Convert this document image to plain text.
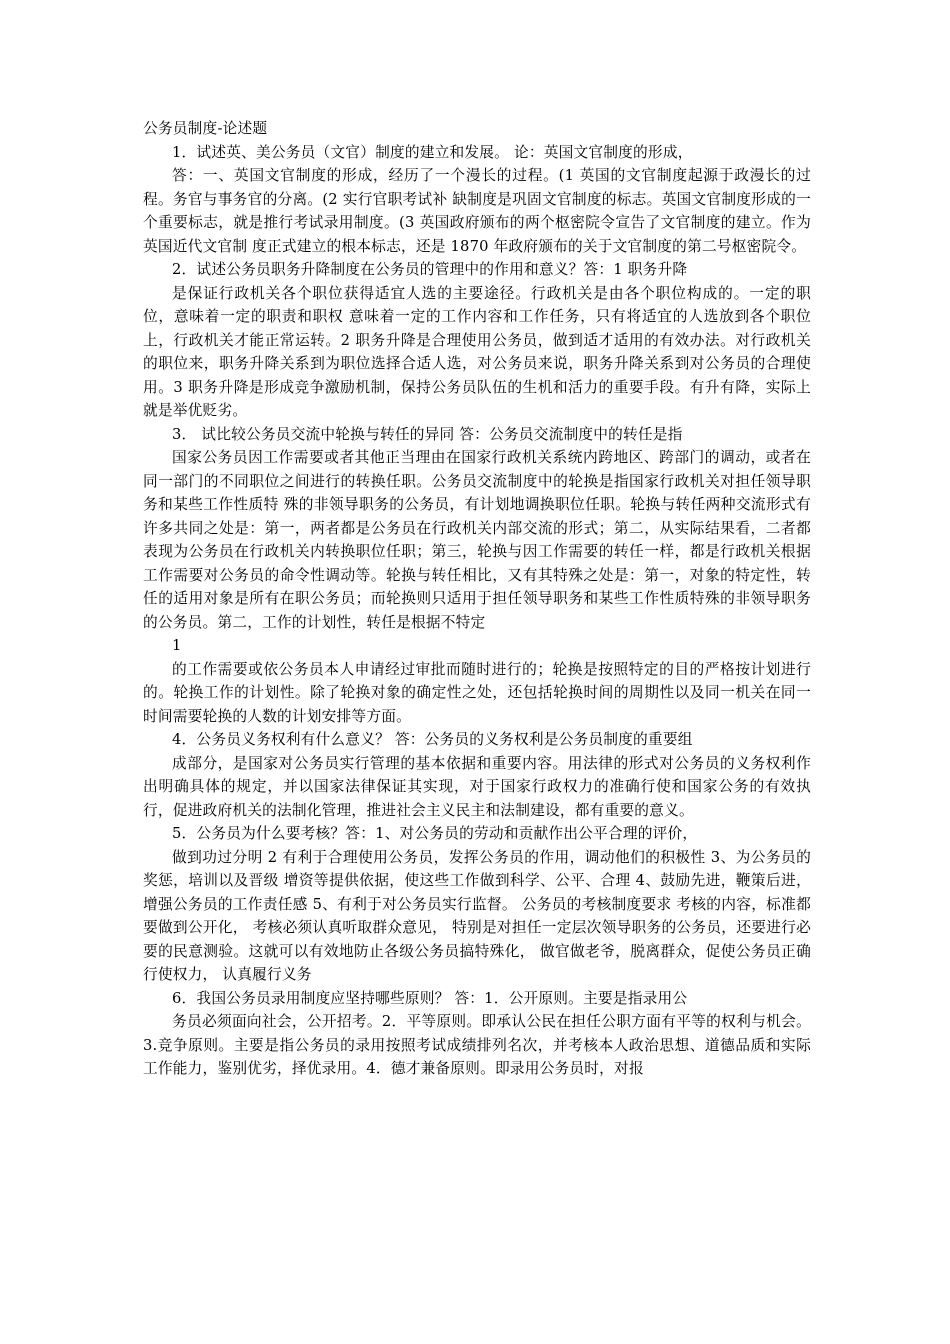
公务员制度-论述题

1．试述英、美公务员（文官）制度的建立和发展。 论：英国文官制度的形成，

答：一、英国文官制度的形成，经历了一个漫长的过程。(1 英国的文官制度起源于政漫长的过程。务官与事务官的分离。(2 实行官职考试补 缺制度是巩固文官制度的标志。英国文官制度形成的一个重要标志，就是推行考试录用制度。(3 英国政府颁布的两个枢密院令宣告了文官制度的建立。作为英国近代文官制 度正式建立的根本标志，还是 1870 年政府颁布的关于文官制度的第二号枢密院令。

2．试述公务员职务升降制度在公务员的管理中的作用和意义？答：1 职务升降

是保证行政机关各个职位获得适宜人选的主要途径。行政机关是由各个职位构成的。一定的职位，意味着一定的职责和职权 意味着一定的工作内容和工作任务，只有将适宜的人选放到各个职位上，行政机关才能正常运转。2 职务升降是合理使用公务员，做到适才适用的有效办法。对行政机关的职位来，职务升降关系到为职位选择合适人选，对公务员来说，职务升降关系到对公务员的合理使用。3 职务升降是形成竞争激励机制，保持公务员队伍的生机和活力的重要手段。有升有降，实际上就是举优贬劣。

3． 试比较公务员交流中轮换与转任的异同 答：公务员交流制度中的转任是指

国家公务员因工作需要或者其他正当理由在国家行政机关系统内跨地区、跨部门的调动，或者在同一部门的不同职位之间进行的转换任职。公务员交流制度中的轮换是指国家行政机关对担任领导职务和某些工作性质特 殊的非领导职务的公务员，有计划地调换职位任职。轮换与转任两种交流形式有许多共同之处是：第一，两者都是公务员在行政机关内部交流的形式；第二，从实际结果看，二者都表现为公务员在行政机关内转换职位任职；第三，轮换与因工作需要的转任一样，都是行政机关根据工作需要对公务员的命令性调动等。轮换与转任相比，又有其特殊之处是：第一，对象的特定性，转任的适用对象是所有在职公务员；而轮换则只适用于担任领导职务和某些工作性质特殊的非领导职务的公务员。第二，工作的计划性，转任是根据不特定

1

的工作需要或依公务员本人申请经过审批而随时进行的；轮换是按照特定的目的严格按计划进行的。轮换工作的计划性。除了轮换对象的确定性之处，还包括轮换时间的周期性以及同一机关在同一时间需要轮换的人数的计划安排等方面。

4．公务员义务权利有什么意义？ 答：公务员的义务权利是公务员制度的重要组

成部分，是国家对公务员实行管理的基本依据和重要内容。用法律的形式对公务员的义务权利作出明确具体的规定，并以国家法律保证其实现，对于国家行政权力的准确行使和国家公务的有效执行，促进政府机关的法制化管理，推进社会主义民主和法制建设，都有重要的意义。

5．公务员为什么要考核？答：1、对公务员的劳动和贡献作出公平合理的评价，

做到功过分明 2 有利于合理使用公务员，发挥公务员的作用，调动他们的积极性 3、为公务员的奖惩，培训以及晋级 增资等提供依据，使这些工作做到科学、公平、合理 4、鼓励先进，鞭策后进，增强公务员的工作责任感 5、有利于对公务员实行监督。 公务员的考核制度要求 考核的内容，标准都要做到公开化， 考核必须认真听取群众意见， 特别是对担任一定层次领导职务的公务员，还要进行必要的民意测验。这就可以有效地防止各级公务员搞特殊化， 做官做老爷，脱离群众，促使公务员正确行使权力， 认真履行义务

6．我国公务员录用制度应坚持哪些原则？ 答：1．公开原则。主要是指录用公

务员必须面向社会，公开招考。2．平等原则。即承认公民在担任公职方面有平等的权利与机会。3.竞争原则。主要是指公务员的录用按照考试成绩排列名次，并考核本人政治思想、道德品质和实际工作能力，鉴别优劣，择优录用。4．德才兼备原则。即录用公务员时，对报
